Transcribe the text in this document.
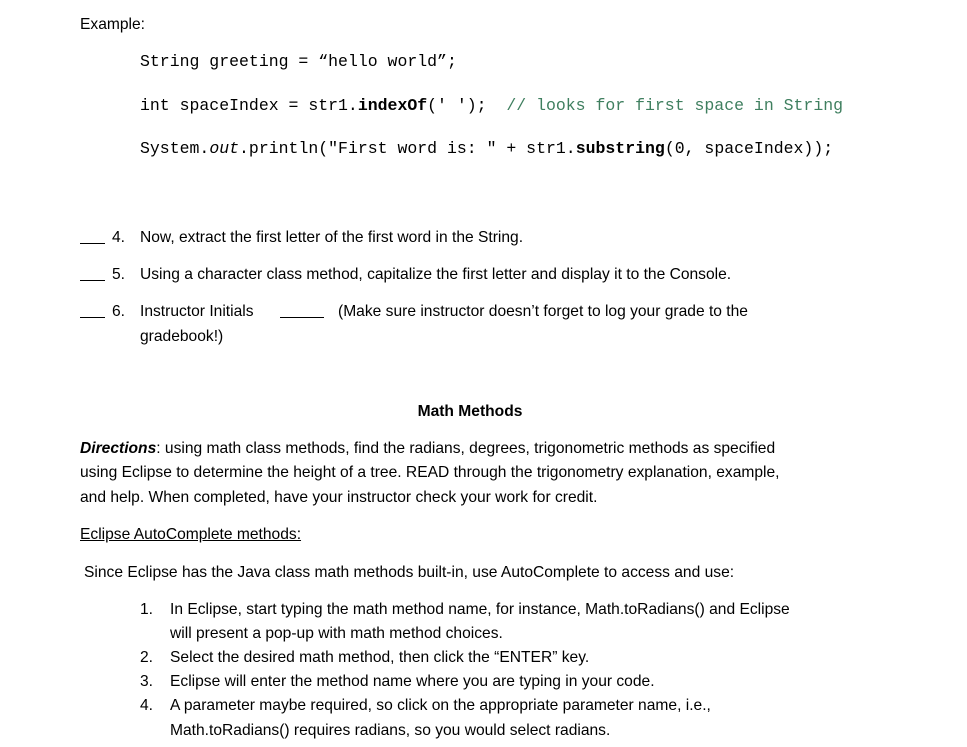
Example:
String greeting = “hello world”;
int spaceIndex = str1.indexOf(' ');  // looks for first space in String
System.out.println("First word is: " + str1.substring(0, spaceIndex));
4. Now, extract the first letter of the first word in the String.
5. Using a character class method, capitalize the first letter and display it to the Console.
6. Instructor Initials	(Make sure instructor doesn’t forget to log your grade to the
gradebook!)
Math Methods
Directions: using math class methods, find the radians, degrees, trigonometric methods as specified
using Eclipse to determine the height of a tree. READ through the trigonometry explanation, example,
and help. When completed, have your instructor check your work for credit.
Eclipse AutoComplete methods:
Since Eclipse has the Java class math methods built-in, use AutoComplete to access and use:
1. In Eclipse, start typing the math method name, for instance, Math.toRadians() and Eclipse
will present a pop-up with math method choices.
2. Select the desired math method, then click the “ENTER” key.
3. Eclipse will enter the method name where you are typing in your code.
4. A parameter maybe required, so click on the appropriate parameter name, i.e.,
Math.toRadians() requires radians, so you would select radians.
